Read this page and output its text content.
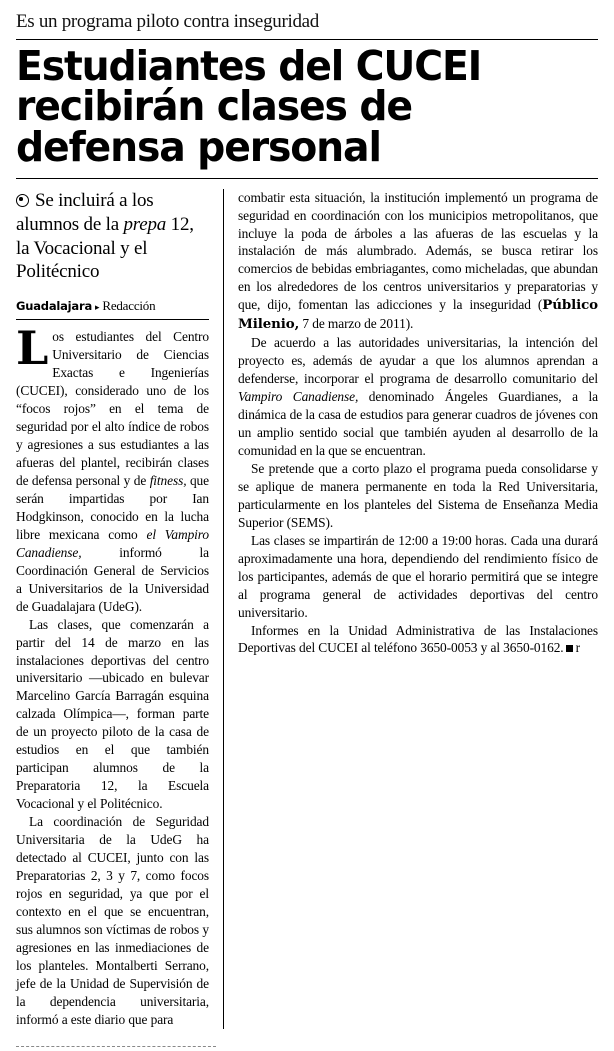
Es un programa piloto contra inseguridad
Estudiantes del CUCEI
recibirán clases de
defensa personal
Se incluirá a los alumnos de la prepa 12, la Vocacional y el Politécnico
Guadalajara ▸ Redacción

Los estudiantes del Centro Universitario de Ciencias Exactas e Ingenierías (CUCEI), considerado uno de los “focos rojos” en el tema de seguridad por el alto índice de robos y agresiones a sus estudiantes a las afueras del plantel, recibirán clases de defensa personal y de fitness, que serán impartidas por Ian Hodgkinson, conocido en la lucha libre mexicana como el Vampiro Canadiense, informó la Coordinación General de Servicios a Universitarios de la Universidad de Guadalajara (UdeG).

Las clases, que comenzarán a partir del 14 de marzo en las instalaciones deportivas del centro universitario —ubicado en bulevar Marcelino García Barragán esquina calzada Olímpica—, forman parte de un proyecto piloto de la casa de estudios en el que también participan alumnos de la Preparatoria 12, la Escuela Vocacional y el Politécnico.

La coordinación de Seguridad Universitaria de la UdeG ha detectado al CUCEI, junto con las Preparatorias 2, 3 y 7, como focos rojos en seguridad, ya que por el contexto en el que se encuentran, sus alumnos son víctimas de robos y agresiones en las inmediaciones de los planteles. Montalberti Serrano, jefe de la Unidad de Supervisión de la dependencia universitaria, informó a este diario que para

combatir esta situación, la institución implementó un programa de seguridad en coordinación con los municipios metropolitanos, que incluye la poda de árboles a las afueras de las escuelas y la instalación de más alumbrado. Además, se busca retirar los comercios de bebidas embriagantes, como micheladas, que abundan en los alrededores de los centros universitarios y preparatorias y que, dijo, fomentan las adicciones y la inseguridad (Público Milenio, 7 de marzo de 2011).

De acuerdo a las autoridades universitarias, la intención del proyecto es, además de ayudar a que los alumnos aprendan a defenderse, incorporar el programa de desarrollo comunitario del Vampiro Canadiense, denominado Ángeles Guardianes, a la dinámica de la casa de estudios para generar cuadros de jóvenes con un amplio sentido social que también ayuden al desarrollo de la comunidad en la que se encuentran.

Se pretende que a corto plazo el programa pueda consolidarse y se aplique de manera permanente en toda la Red Universitaria, particularmente en los planteles del Sistema de Enseñanza Media Superior (SEMS).

Las clases se impartirán de 12:00 a 19:00 horas. Cada una durará aproximadamente una hora, dependiendo del rendimiento físico de los participantes, además de que el horario permitirá que se integre al programa general de actividades deportivas del centro universitario.

Informes en la Unidad Administrativa de las Instalaciones Deportivas del CUCEI al teléfono 3650-0053 y al 3650-0162. r
